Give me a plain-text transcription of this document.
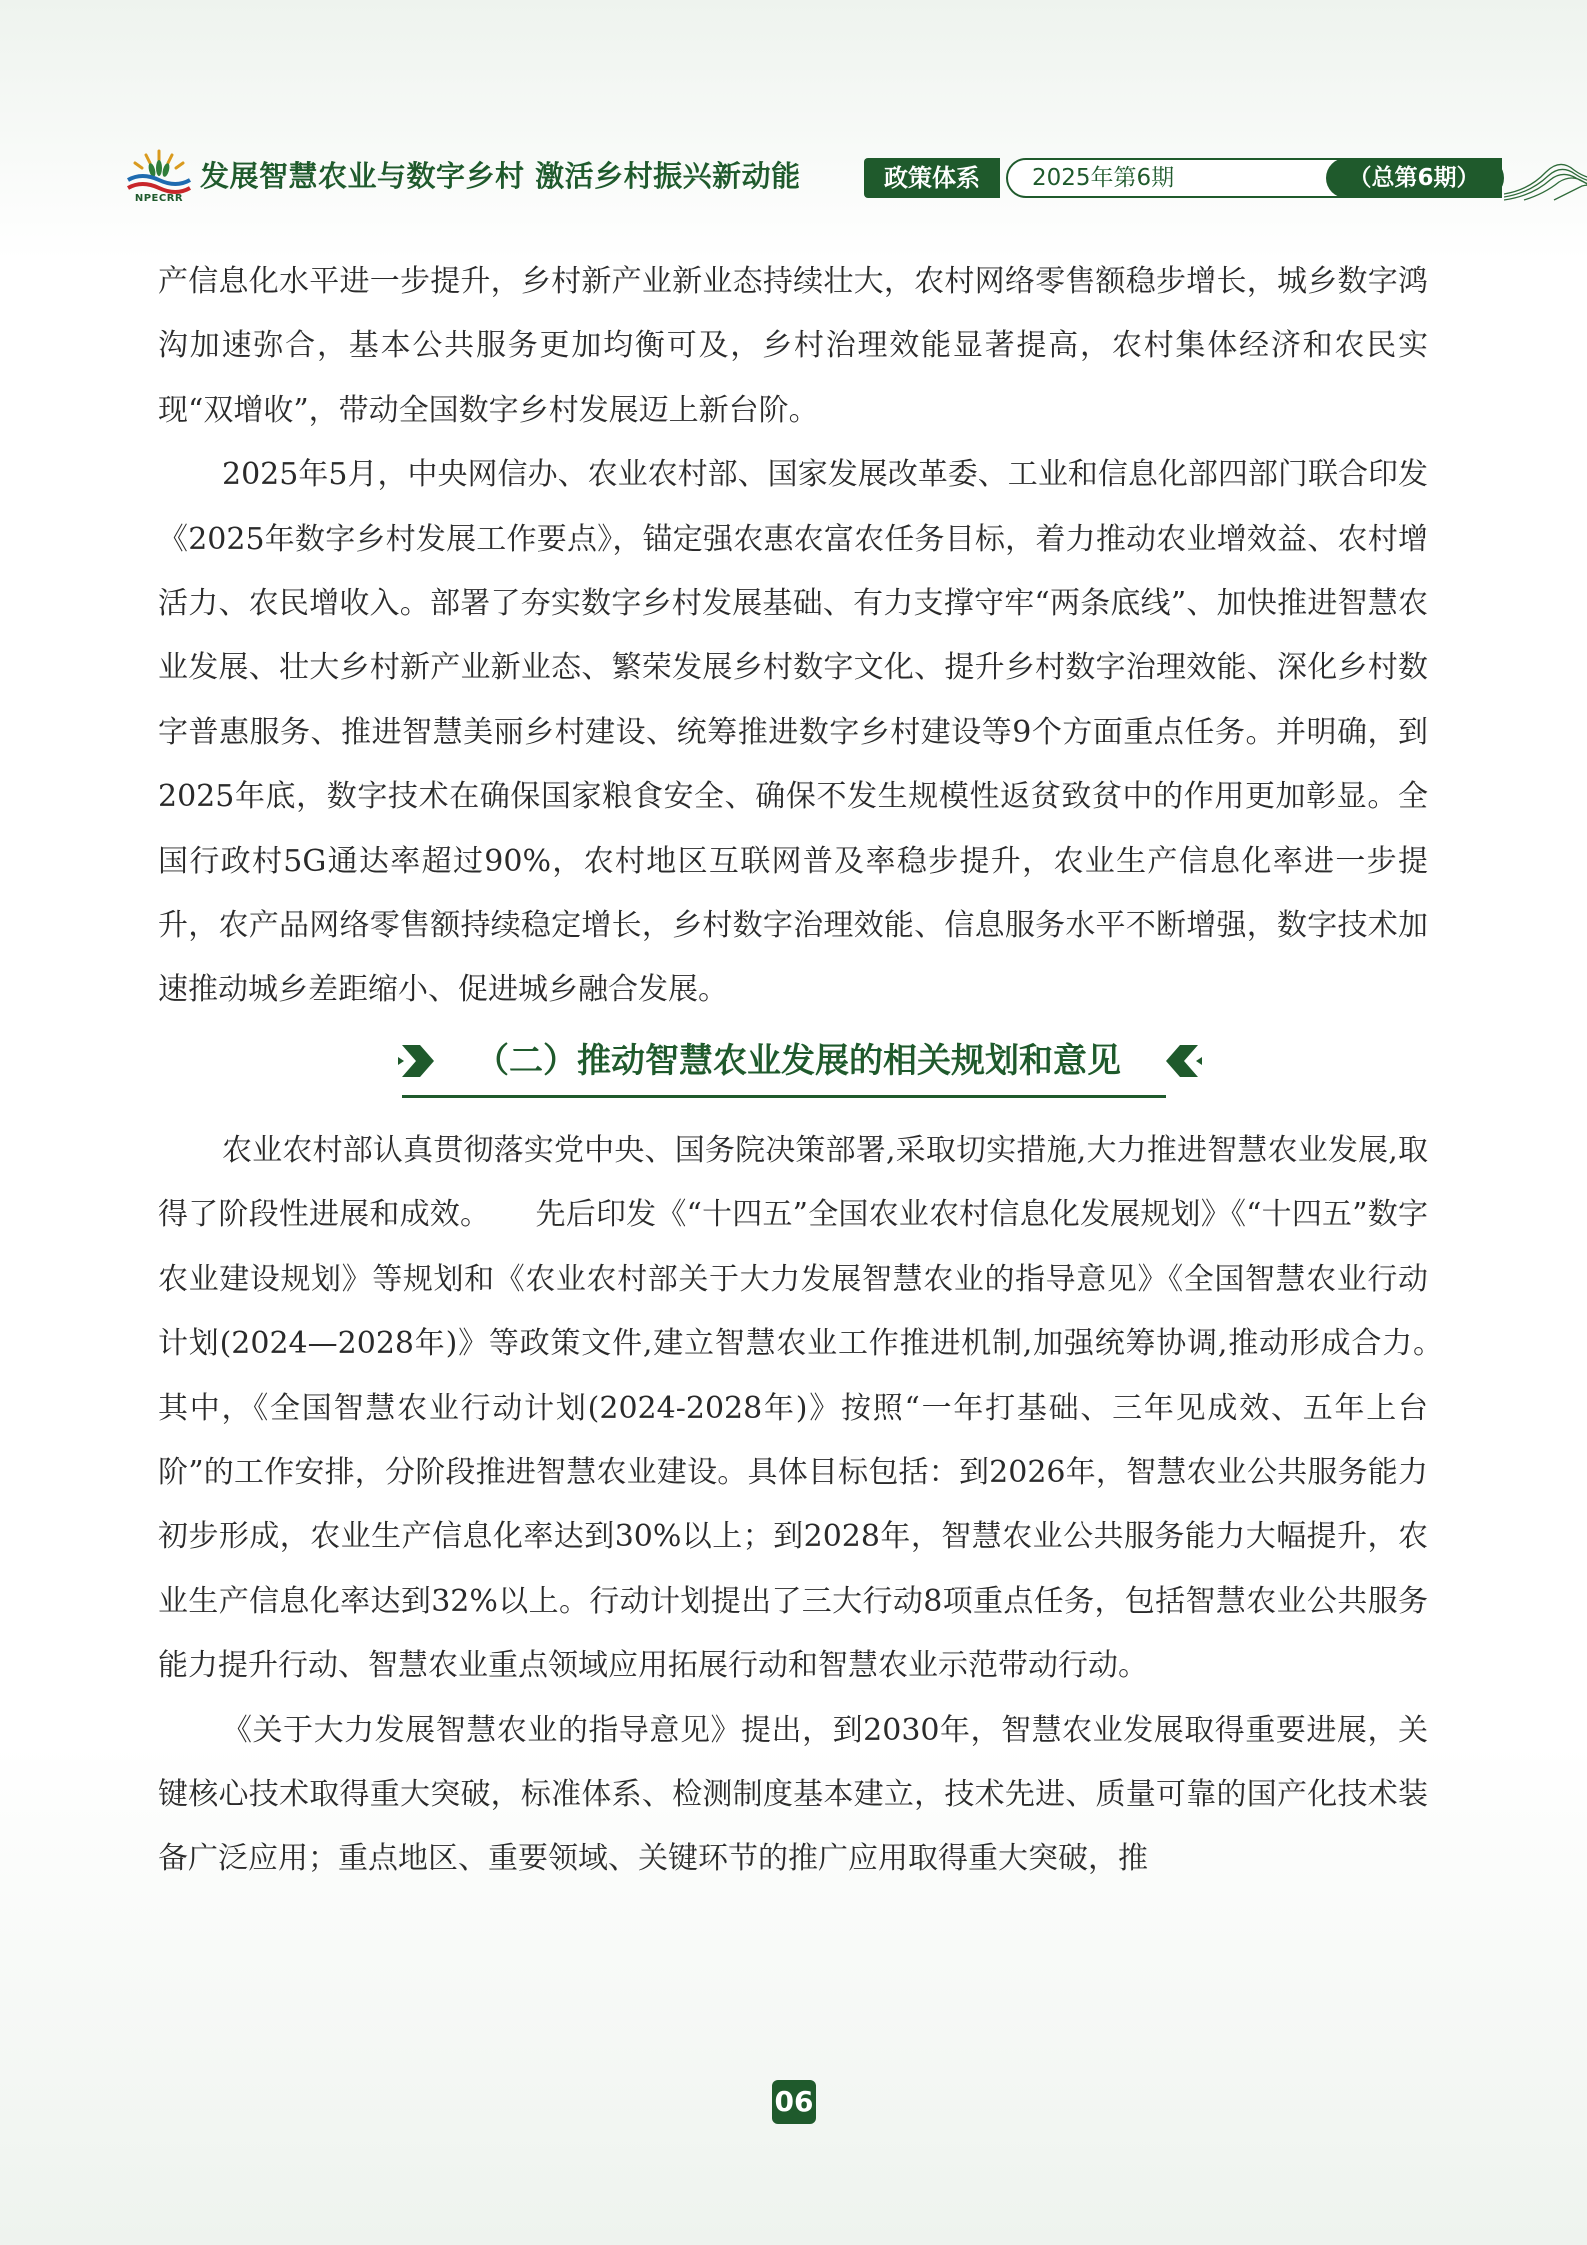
NPECRR
发展智慧农业与数字乡村 激活乡村振兴新动能	政策体系	2025年第6期	（总第6期）

产信息化水平进一步提升，乡村新产业新业态持续壮大，农村网络零售额稳步增长，城乡数字鸿沟加速弥合，基本公共服务更加均衡可及，乡村治理效能显著提高，农村集体经济和农民实现“双增收”，带动全国数字乡村发展迈上新台阶。

2025年5月，中央网信办、农业农村部、国家发展改革委、工业和信息化部四部门联合印发《2025年数字乡村发展工作要点》，锚定强农惠农富农任务目标，着力推动农业增效益、农村增活力、农民增收入。部署了夯实数字乡村发展基础、有力支撑守牢“两条底线”、加快推进智慧农业发展、壮大乡村新产业新业态、繁荣发展乡村数字文化、提升乡村数字治理效能、深化乡村数字普惠服务、推进智慧美丽乡村建设、统筹推进数字乡村建设等9个方面重点任务。并明确，到2025年底，数字技术在确保国家粮食安全、确保不发生规模性返贫致贫中的作用更加彰显。全国行政村5G通达率超过90%，农村地区互联网普及率稳步提升，农业生产信息化率进一步提升，农产品网络零售额持续稳定增长，乡村数字治理效能、信息服务水平不断增强，数字技术加速推动城乡差距缩小、促进城乡融合发展。

（二）推动智慧农业发展的相关规划和意见

农业农村部认真贯彻落实党中央、国务院决策部署,采取切实措施,大力推进智慧农业发展,取得了阶段性进展和成效。　　先后印发《“十四五”全国农业农村信息化发展规划》《“十四五”数字农业建设规划》等规划和《农业农村部关于大力发展智慧农业的指导意见》《全国智慧农业行动计划(2024—2028年)》等政策文件,建立智慧农业工作推进机制,加强统筹协调,推动形成合力。　其中，《全国智慧农业行动计划(2024-2028年)》按照“一年打基础、三年见成效、五年上台阶”的工作安排，分阶段推进智慧农业建设。具体目标包括：到2026年，智慧农业公共服务能力初步形成，农业生产信息化率达到30%以上；到2028年，智慧农业公共服务能力大幅提升，农业生产信息化率达到32%以上。行动计划提出了三大行动8项重点任务，包括智慧农业公共服务能力提升行动、智慧农业重点领域应用拓展行动和智慧农业示范带动行动。

《关于大力发展智慧农业的指导意见》提出，到2030年，智慧农业发展取得重要进展，关键核心技术取得重大突破，标准体系、检测制度基本建立，技术先进、质量可靠的国产化技术装备广泛应用；重点地区、重要领域、关键环节的推广应用取得重大突破，推

06
